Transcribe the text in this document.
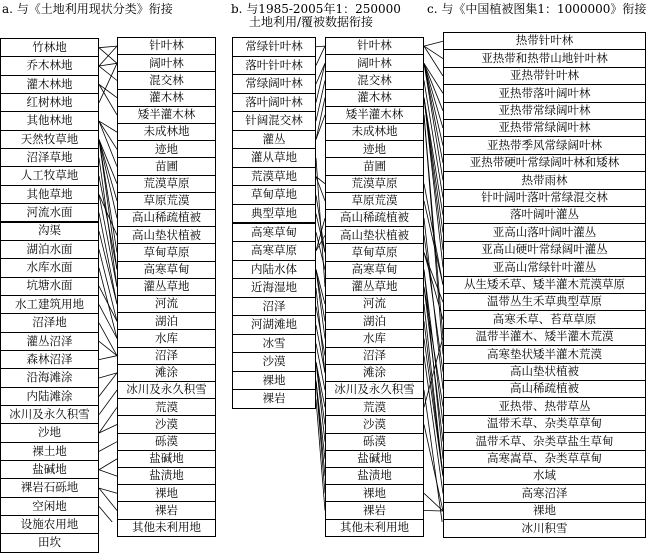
a. 与《土地利用现状分类》衔接	b. 与1985-2005年1：250000
土地利用/覆被数据衔接
c. 与《中国植被图集1：1000000》衔接
竹林地
乔木林地
灌木林地
红树林地
其他林地
天然牧草地
沼泽草地
人工牧草地
其他草地
河流水面
沟渠
湖泊水面
水库水面
坑塘水面
水工建筑用地
沼泽地
灌丛沼泽
森林沼泽
沿海滩涂
内陆滩涂
冰川及永久积雪
沙地
裸土地
盐碱地
裸岩石砾地
空闲地
设施农用地
田坎
针叶林
阔叶林
混交林
灌木林
矮半灌木林
未成林地
迹地
苗圃
荒漠草原
草原荒漠
高山稀疏植被
高山垫状植被
草甸草原
高寒草甸
灌丛草地
河流
湖泊
水库
沼泽
滩涂
冰川及永久积雪
荒漠
沙漠
砾漠
盐碱地
盐渍地
裸地
裸岩
其他未利用地
常绿针叶林
落叶针叶林
常绿阔叶林
落叶阔叶林
针阔混交林
灌丛
灌从草地
荒漠草地
草甸草地
典型草地
高寒草甸
高寒草原
内陆水体
近海湿地
沼泽
河湖滩地
冰雪
沙漠
裸地
裸岩
针叶林
阔叶林
混交林
灌木林
矮半灌木林
未成林地
迹地
苗圃
荒漠草原
草原荒漠
高山稀疏植被
高山垫状植被
草甸草原
高寒草甸
灌丛草地
河流
湖泊
水库
沼泽
滩涂
冰川及永久积雪
荒漠
沙漠
砾漠
盐碱地
盐渍地
裸地
裸岩
其他未利用地
热带针叶林
亚热带和热带山地针叶林
亚热带针叶林
亚热带落叶阔叶林
亚热带常绿阔叶林
亚热带常绿阔叶林
亚热带季风常绿阔叶林
亚热带硬叶常绿阔叶林和矮林
热带雨林
针叶阔叶落叶常绿混交林
落叶阔叶灌丛
亚高山落叶阔叶灌丛
亚高山硬叶常绿阔叶灌丛
亚高山常绿针叶灌丛
从生矮禾草、矮半灌木荒漠草原
温带丛生禾草典型草原
高寒禾草、苔草草原
温带半灌木、矮半灌木荒漠
高寒垫状矮半灌木荒漠
高山垫状植被
高山稀疏植被
亚热带、热带草丛
温带禾草、杂类草草甸
温带禾草、杂类草盐生草甸
高寒嵩草、杂类草草甸
水域
高寒沼泽
裸地
冰川积雪
